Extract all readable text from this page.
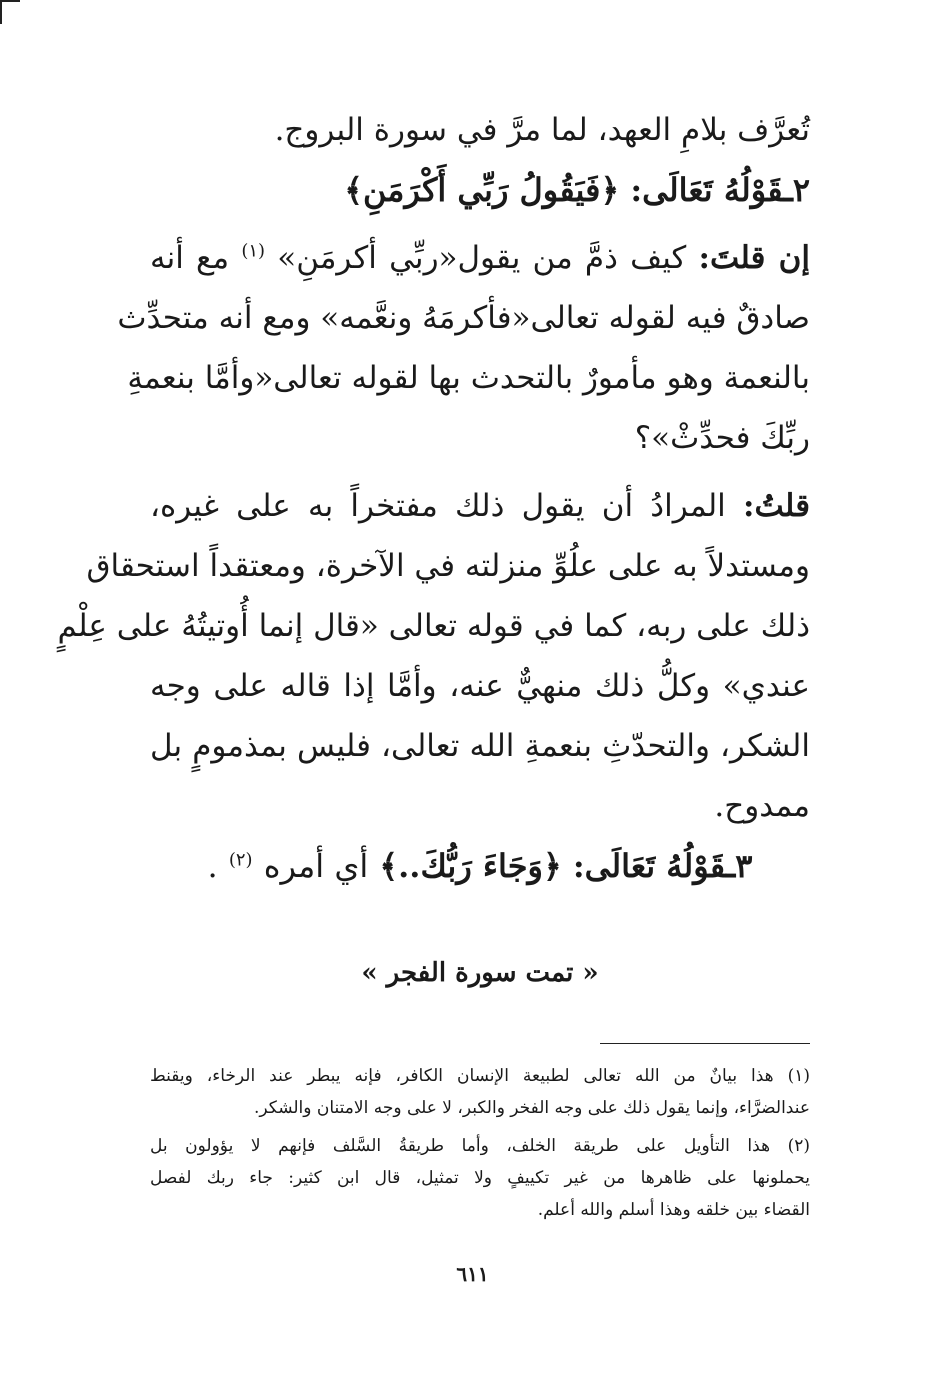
تُعرَّف بلامِ العهد، لما مرَّ في سورة البروج.
٢ـقَوْلُهُ تَعَالَى: ﴿فَيَقُولُ رَبِّي أَكْرَمَنِ﴾
إن قلتَ: كيف ذمَّ من يقول«ربِّي أكرمَنِ» $^{(١)}$ مع أنه
صادقٌ فيه لقوله تعالى«فأكرمَهُ ونعَّمه» ومع أنه متحدِّث
بالنعمة وهو مأمورٌ بالتحدث بها لقوله تعالى«وأمَّا بنعمةِ
ربِّكَ فحدِّثْ»؟
قلتُ: المرادُ أن يقول ذلك مفتخراً به على غيره،
ومستدلاً به على علُوِّ منزلته في الآخرة، ومعتقداً استحقاق
ذلك على ربه، كما في قوله تعالى «قال إنما أُوتيتُهُ على عِلْمٍ
عندي» وكلُّ ذلك منهيٌّ عنه، وأمَّا إذا قاله على وجه
الشكر، والتحدّثِ بنعمةِ الله تعالى، فليس بمذمومٍ بل
ممدوح.
٣ـقَوْلُهُ تَعَالَى: ﴿وَجَاءَ رَبُّكَ..﴾ أي أمره $^{(٢)}$ .
« تمت سورة الفجر »
(١) هذا بيانٌ من الله تعالى لطبيعة الإنسان الكافر، فإنه يبطر عند الرخاء، ويقنط
عندالضرَّاء، وإنما يقول ذلك على وجه الفخر والكبر، لا على وجه الامتنان والشكر.
(٢) هذا التأويل على طريقة الخلف، وأما طريقةُ السَّلف فإنهم لا يؤولون بل
يحملونها على ظاهرها من غير تكييفٍ ولا تمثيل، قال ابن كثير: جاء ربك لفصل
القضاء بين خلقه وهذا أسلم والله أعلم.
٦١١
